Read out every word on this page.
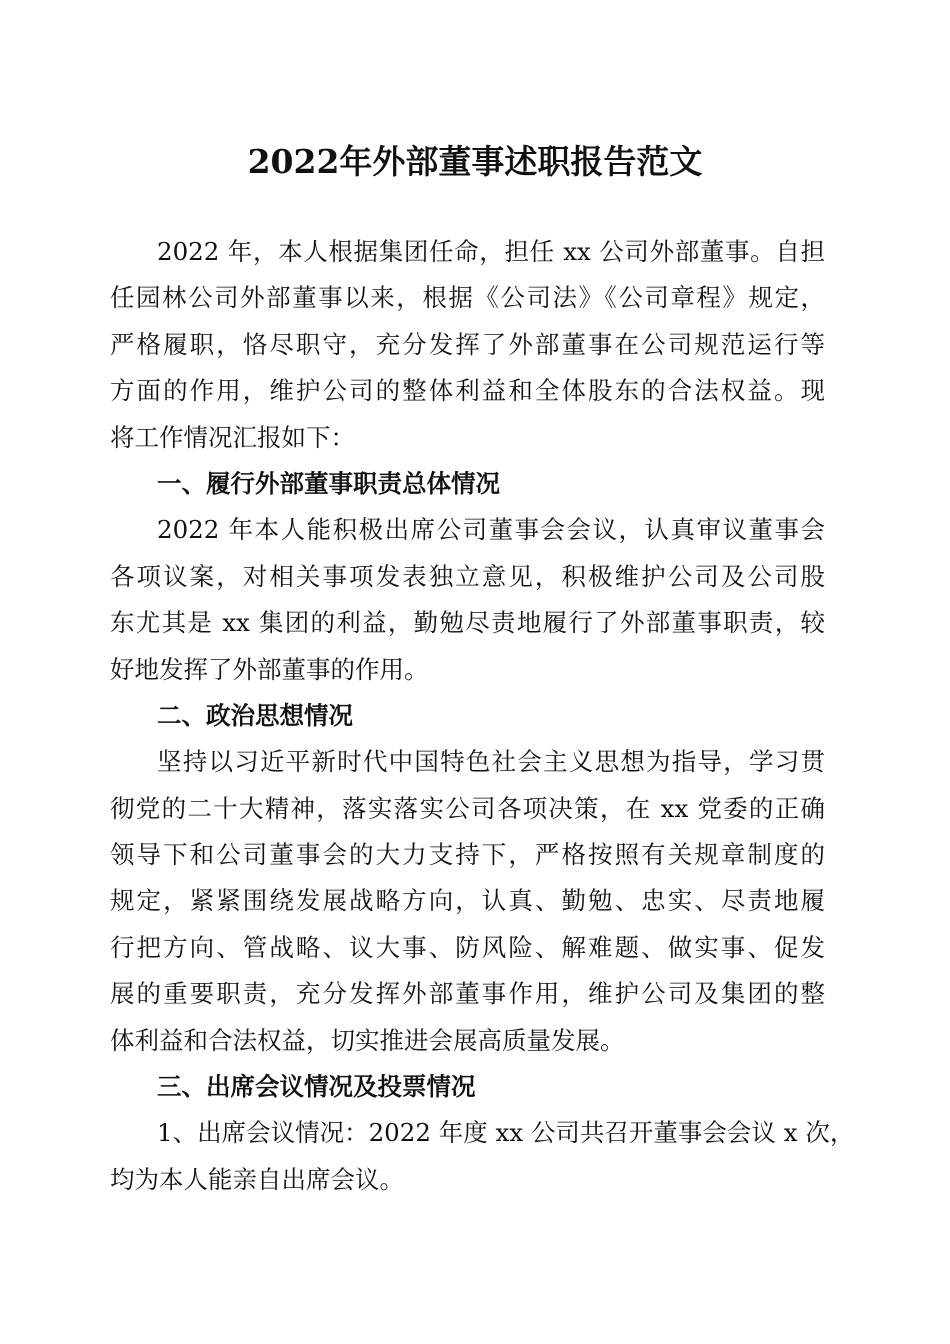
2022年外部董事述职报告范文
2022 年，本人根据集团任命，担任 xx 公司外部董事。自担
任园林公司外部董事以来，根据《公司法》《公司章程》规定，
严格履职，恪尽职守，充分发挥了外部董事在公司规范运行等
方面的作用，维护公司的整体利益和全体股东的合法权益。现
将工作情况汇报如下：
一、履行外部董事职责总体情况
2022 年本人能积极出席公司董事会会议，认真审议董事会
各项议案，对相关事项发表独立意见，积极维护公司及公司股
东尤其是 xx 集团的利益，勤勉尽责地履行了外部董事职责，较
好地发挥了外部董事的作用。
二、政治思想情况
坚持以习近平新时代中国特色社会主义思想为指导，学习贯
彻党的二十大精神，落实落实公司各项决策，在 xx 党委的正确
领导下和公司董事会的大力支持下，严格按照有关规章制度的
规定，紧紧围绕发展战略方向，认真、勤勉、忠实、尽责地履
行把方向、管战略、议大事、防风险、解难题、做实事、促发
展的重要职责，充分发挥外部董事作用，维护公司及集团的整
体利益和合法权益，切实推进会展高质量发展。
三、出席会议情况及投票情况
1、出席会议情况：2022 年度 xx 公司共召开董事会会议 x 次，
均为本人能亲自出席会议。
